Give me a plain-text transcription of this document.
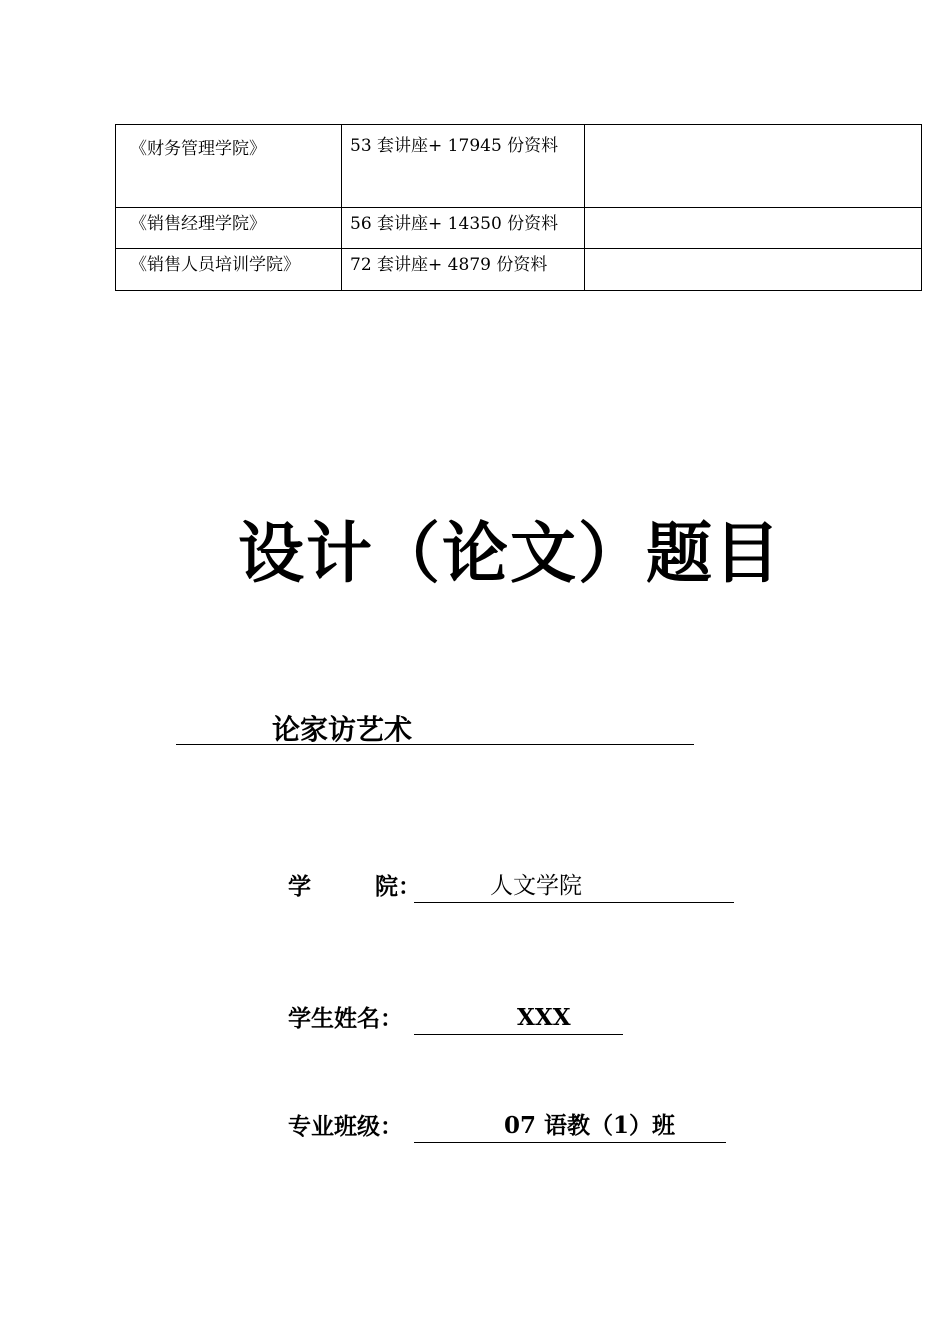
《财务管理学院》	53 套讲座+ 17945 份资料	
《销售经理学院》	56 套讲座+ 14350 份资料	
《销售人员培训学院》	72 套讲座+ 4879 份资料	
设计（论文）题目
论家访艺术
学        院：	人文学院
学生姓名：	XXX
专业班级：	07 语教（1）班
